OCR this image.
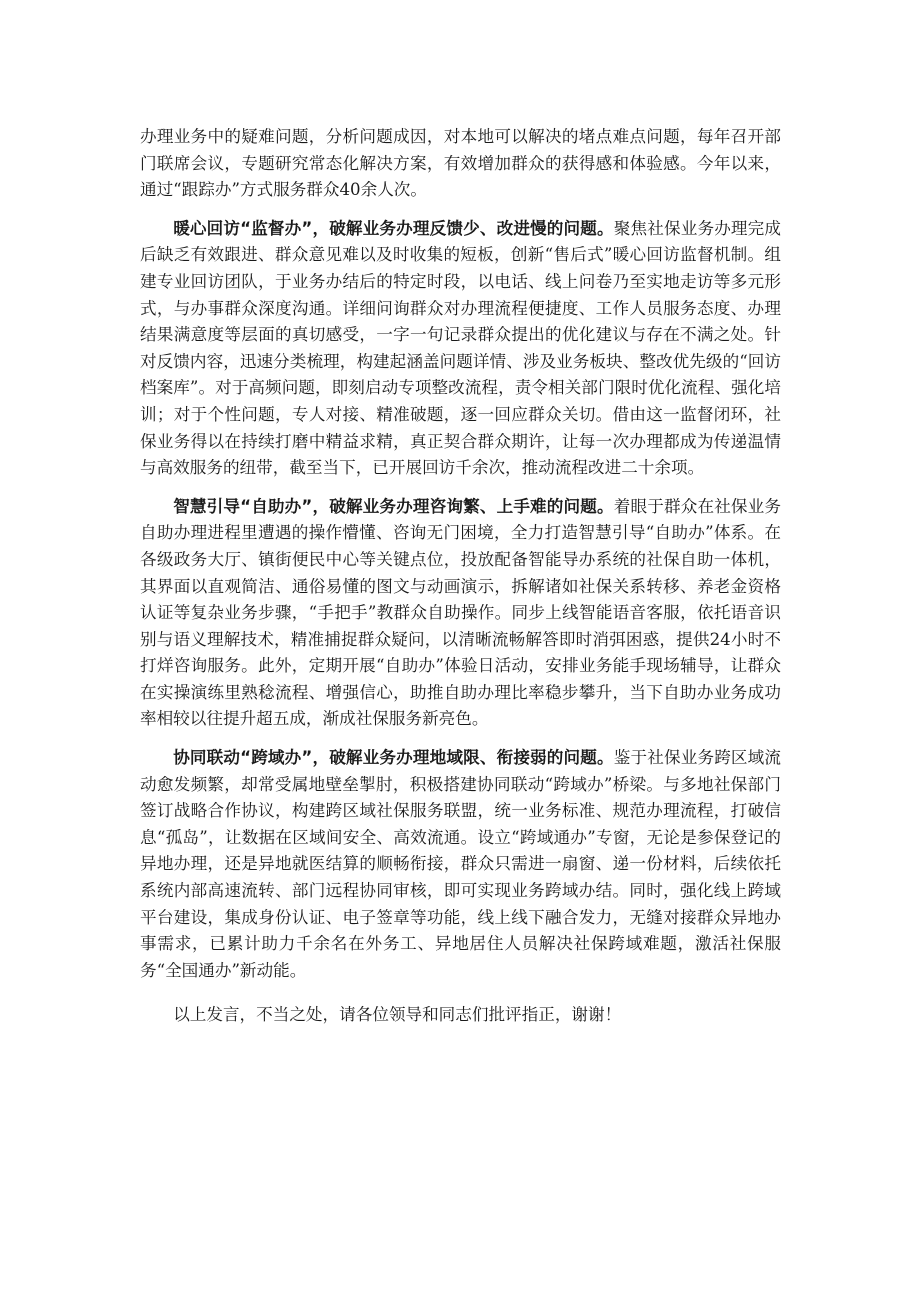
办理业务中的疑难问题，分析问题成因，对本地可以解决的堵点难点问题，每年召开部门联席会议，专题研究常态化解决方案，有效增加群众的获得感和体验感。今年以来，通过“跟踪办”方式服务群众40余人次。

暖心回访“监督办”，破解业务办理反馈少、改进慢的问题。聚焦社保业务办理完成后缺乏有效跟进、群众意见难以及时收集的短板，创新“售后式”暖心回访监督机制。组建专业回访团队，于业务办结后的特定时段，以电话、线上问卷乃至实地走访等多元形式，与办事群众深度沟通。详细问询群众对办理流程便捷度、工作人员服务态度、办理结果满意度等层面的真切感受，一字一句记录群众提出的优化建议与存在不满之处。针对反馈内容，迅速分类梳理，构建起涵盖问题详情、涉及业务板块、整改优先级的“回访档案库”。对于高频问题，即刻启动专项整改流程，责令相关部门限时优化流程、强化培训；对于个性问题，专人对接、精准破题，逐一回应群众关切。借由这一监督闭环，社保业务得以在持续打磨中精益求精，真正契合群众期许，让每一次办理都成为传递温情与高效服务的纽带，截至当下，已开展回访千余次，推动流程改进二十余项。

智慧引导“自助办”，破解业务办理咨询繁、上手难的问题。着眼于群众在社保业务自助办理进程里遭遇的操作懵懂、咨询无门困境，全力打造智慧引导“自助办”体系。在各级政务大厅、镇街便民中心等关键点位，投放配备智能导办系统的社保自助一体机，其界面以直观简洁、通俗易懂的图文与动画演示，拆解诸如社保关系转移、养老金资格认证等复杂业务步骤，“手把手”教群众自助操作。同步上线智能语音客服，依托语音识别与语义理解技术，精准捕捉群众疑问，以清晰流畅解答即时消弭困惑，提供24小时不打烊咨询服务。此外，定期开展“自助办”体验日活动，安排业务能手现场辅导，让群众在实操演练里熟稔流程、增强信心，助推自助办理比率稳步攀升，当下自助办业务成功率相较以往提升超五成，渐成社保服务新亮色。

协同联动“跨域办”，破解业务办理地域限、衔接弱的问题。鉴于社保业务跨区域流动愈发频繁，却常受属地壁垒掣肘，积极搭建协同联动“跨域办”桥梁。与多地社保部门签订战略合作协议，构建跨区域社保服务联盟，统一业务标准、规范办理流程，打破信息“孤岛”，让数据在区域间安全、高效流通。设立“跨域通办”专窗，无论是参保登记的异地办理，还是异地就医结算的顺畅衔接，群众只需进一扇窗、递一份材料，后续依托系统内部高速流转、部门远程协同审核，即可实现业务跨域办结。同时，强化线上跨域平台建设，集成身份认证、电子签章等功能，线上线下融合发力，无缝对接群众异地办事需求，已累计助力千余名在外务工、异地居住人员解决社保跨域难题，激活社保服务“全国通办”新动能。

以上发言，不当之处，请各位领导和同志们批评指正，谢谢！
